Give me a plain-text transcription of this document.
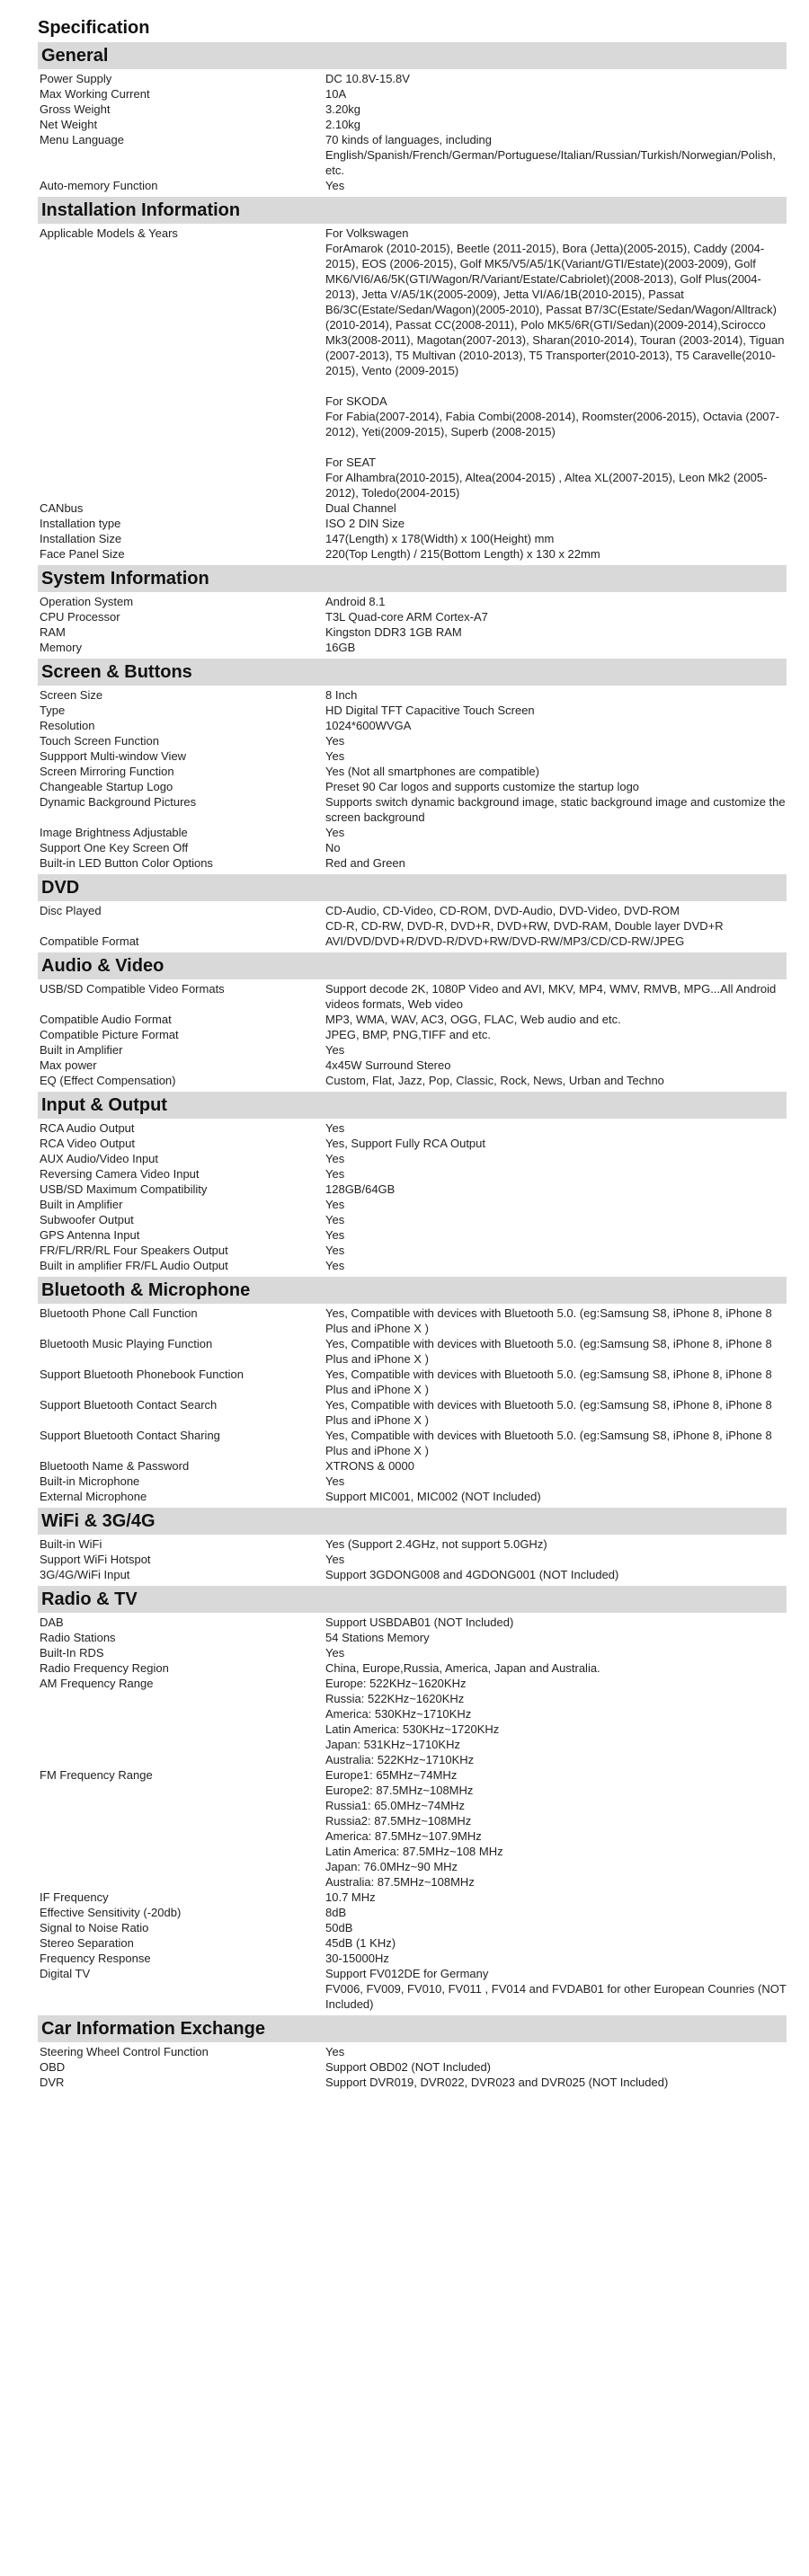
Specification
General
Power Supply	DC 10.8V-15.8V
Max Working Current	10A
Gross Weight	3.20kg
Net Weight	2.10kg
Menu Language	70 kinds of languages, including
English/Spanish/French/German/Portuguese/Italian/Russian/Turkish/Norwegian/Polish, etc.
Auto-memory Function	Yes
Installation Information
Applicable Models & Years	For Volkswagen
ForAmarok (2010-2015), Beetle (2011-2015), Bora (Jetta)(2005-2015), Caddy (2004-2015), EOS (2006-2015), Golf MK5/V5/A5/1K(Variant/GTI/Estate)(2003-2009), Golf MK6/VI6/A6/5K(GTI/Wagon/R/Variant/Estate/Cabriolet)(2008-2013), Golf Plus(2004-2013), Jetta V/A5/1K(2005-2009), Jetta VI/A6/1B(2010-2015), Passat B6/3C(Estate/Sedan/Wagon)(2005-2010), Passat B7/3C(Estate/Sedan/Wagon/Alltrack)(2010-2014), Passat CC(2008-2011), Polo MK5/6R(GTI/Sedan)(2009-2014),Scirocco Mk3(2008-2011), Magotan(2007-2013), Sharan(2010-2014), Touran (2003-2014), Tiguan (2007-2013), T5 Multivan (2010-2013), T5 Transporter(2010-2013), T5 Caravelle(2010-2015), Vento (2009-2015)

For SKODA
For Fabia(2007-2014), Fabia Combi(2008-2014), Roomster(2006-2015), Octavia (2007-2012), Yeti(2009-2015), Superb (2008-2015)

For SEAT
For Alhambra(2010-2015), Altea(2004-2015) , Altea XL(2007-2015), Leon Mk2 (2005-2012), Toledo(2004-2015)
CANbus	Dual Channel
Installation type	ISO 2 DIN Size
Installation Size	147(Length) x 178(Width) x 100(Height) mm
Face Panel Size	220(Top Length) / 215(Bottom Length) x 130 x 22mm
System Information
Operation System	Android 8.1
CPU Processor	T3L Quad-core ARM Cortex-A7
RAM	Kingston DDR3 1GB RAM
Memory	16GB
Screen & Buttons
Screen Size	8 Inch
Type	HD Digital TFT Capacitive Touch Screen
Resolution	1024*600WVGA
Touch Screen Function	Yes
Suppport Multi-window View	Yes
Screen Mirroring Function	Yes (Not all smartphones are compatible)
Changeable Startup Logo	Preset 90 Car logos and supports customize the startup logo
Dynamic Background Pictures	Supports switch dynamic background image, static background image and customize the screen background
Image Brightness Adjustable	Yes
Support One Key Screen Off	No
Built-in LED Button Color Options	Red and Green
DVD
Disc Played	CD-Audio, CD-Video, CD-ROM, DVD-Audio, DVD-Video, DVD-ROM
CD-R, CD-RW, DVD-R, DVD+R, DVD+RW, DVD-RAM, Double layer DVD+R
Compatible Format	AVI/DVD/DVD+R/DVD-R/DVD+RW/DVD-RW/MP3/CD/CD-RW/JPEG
Audio & Video
USB/SD Compatible Video Formats	Support decode 2K, 1080P Video and AVI, MKV, MP4, WMV, RMVB, MPG...All Android videos formats, Web video
Compatible Audio Format	MP3, WMA, WAV, AC3, OGG, FLAC, Web audio and etc.
Compatible Picture Format	JPEG, BMP, PNG,TIFF and etc.
Built in Amplifier	Yes
Max power	4x45W Surround Stereo
EQ (Effect Compensation)	Custom, Flat, Jazz, Pop, Classic, Rock, News, Urban and Techno
Input & Output
RCA Audio Output	Yes
RCA Video Output	Yes, Support Fully RCA Output
AUX Audio/Video Input	Yes
Reversing Camera Video Input	Yes
USB/SD Maximum Compatibility	128GB/64GB
Built in Amplifier	Yes
Subwoofer Output	Yes
GPS Antenna Input	Yes
FR/FL/RR/RL Four Speakers Output	Yes
Built in amplifier FR/FL Audio Output	Yes
Bluetooth & Microphone
Bluetooth Phone Call Function	Yes, Compatible with devices with Bluetooth 5.0. (eg:Samsung S8, iPhone 8, iPhone 8 Plus and iPhone X )
Bluetooth Music Playing Function	Yes, Compatible with devices with Bluetooth 5.0. (eg:Samsung S8, iPhone 8, iPhone 8 Plus and iPhone X )
Support Bluetooth Phonebook Function	Yes, Compatible with devices with Bluetooth 5.0. (eg:Samsung S8, iPhone 8, iPhone 8 Plus and iPhone X )
Support Bluetooth Contact Search	Yes, Compatible with devices with Bluetooth 5.0. (eg:Samsung S8, iPhone 8, iPhone 8 Plus and iPhone X )
Support Bluetooth Contact Sharing	Yes, Compatible with devices with Bluetooth 5.0. (eg:Samsung S8, iPhone 8, iPhone 8 Plus and iPhone X )
Bluetooth Name & Password	XTRONS & 0000
Built-in Microphone	Yes
External Microphone	Support MIC001, MIC002 (NOT Included)
WiFi & 3G/4G
Built-in WiFi	Yes (Support 2.4GHz, not support 5.0GHz)
Support WiFi Hotspot	Yes
3G/4G/WiFi Input	Support 3GDONG008 and 4GDONG001 (NOT Included)
Radio & TV
DAB	Support USBDAB01 (NOT Included)
Radio Stations	54 Stations Memory
Built-In RDS	Yes
Radio Frequency Region	China, Europe,Russia, America, Japan and Australia.
AM Frequency Range	Europe: 522KHz~1620KHz
Russia: 522KHz~1620KHz
America: 530KHz~1710KHz
Latin America: 530KHz~1720KHz
Japan: 531KHz~1710KHz
Australia: 522KHz~1710KHz
FM Frequency Range	Europe1: 65MHz~74MHz
Europe2: 87.5MHz~108MHz
Russia1: 65.0MHz~74MHz
Russia2: 87.5MHz~108MHz
America: 87.5MHz~107.9MHz
Latin America: 87.5MHz~108 MHz
Japan: 76.0MHz~90 MHz
Australia: 87.5MHz~108MHz
IF Frequency	10.7 MHz
Effective Sensitivity (-20db)	8dB
Signal to Noise Ratio	50dB
Stereo Separation	45dB (1 KHz)
Frequency Response	30-15000Hz
Digital TV	Support FV012DE for Germany
FV006, FV009, FV010, FV011 , FV014 and FVDAB01 for other European Counries (NOT Included)
Car Information Exchange
Steering Wheel Control Function	Yes
OBD	Support OBD02 (NOT Included)
DVR	Support DVR019, DVR022, DVR023 and DVR025 (NOT Included)
